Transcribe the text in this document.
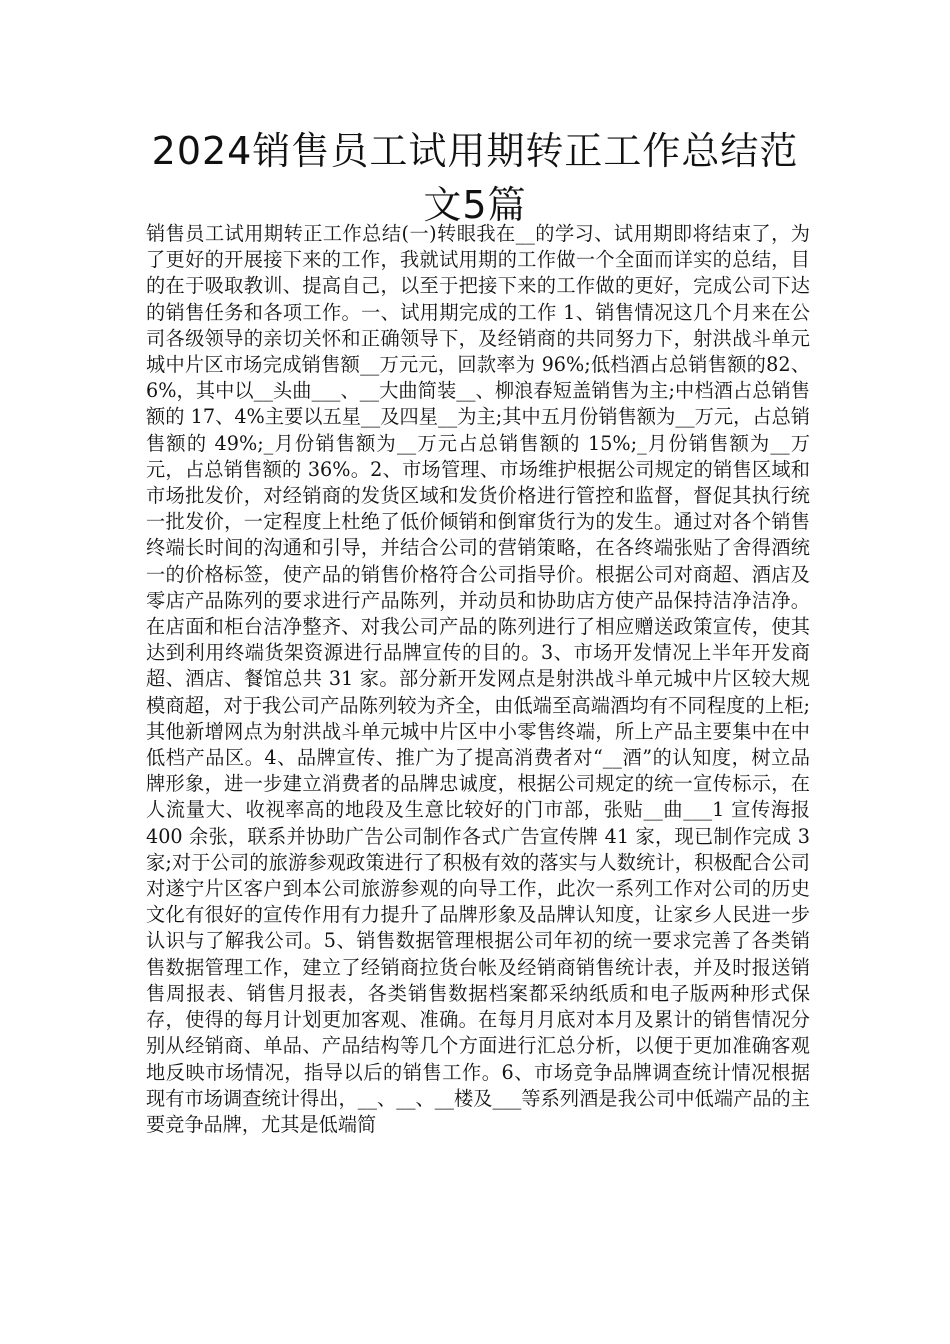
2024销售员工试用期转正工作总结范文5篇

销售员工试用期转正工作总结(一)转眼我在__的学习、试用期即将结束了，为了更好的开展接下来的工作，我就试用期的工作做一个全面而详实的总结，目的在于吸取教训、提高自己，以至于把接下来的工作做的更好，完成公司下达的销售任务和各项工作。一、试用期完成的工作 1、销售情况这几个月来在公司各级领导的亲切关怀和正确领导下，及经销商的共同努力下，射洪战斗单元城中片区市场完成销售额__万元元，回款率为 96%;低档酒占总销售额的82、6%，其中以__头曲___、__大曲简装__、柳浪春短盖销售为主;中档酒占总销售额的 17、4%主要以五星__及四星__为主;其中五月份销售额为__万元，占总销售额的 49%;_月份销售额为__万元占总销售额的 15%;_月份销售额为__万元，占总销售额的 36%。2、市场管理、市场维护根据公司规定的销售区域和市场批发价，对经销商的发货区域和发货价格进行管控和监督，督促其执行统一批发价，一定程度上杜绝了低价倾销和倒窜货行为的发生。通过对各个销售终端长时间的沟通和引导，并结合公司的营销策略，在各终端张贴了舍得酒统一的价格标签，使产品的销售价格符合公司指导价。根据公司对商超、酒店及零店产品陈列的要求进行产品陈列，并动员和协助店方使产品保持洁净洁净。在店面和柜台洁净整齐、对我公司产品的陈列进行了相应赠送政策宣传，使其达到利用终端货架资源进行品牌宣传的目的。3、市场开发情况上半年开发商超、酒店、餐馆总共 31 家。部分新开发网点是射洪战斗单元城中片区较大规模商超，对于我公司产品陈列较为齐全，由低端至高端酒均有不同程度的上柜;其他新增网点为射洪战斗单元城中片区中小零售终端，所上产品主要集中在中低档产品区。4、品牌宣传、推广为了提高消费者对“__酒”的认知度，树立品牌形象，进一步建立消费者的品牌忠诚度，根据公司规定的统一宣传标示，在人流量大、收视率高的地段及生意比较好的门市部，张贴__曲___1 宣传海报 400 余张，联系并协助广告公司制作各式广告宣传牌 41 家，现已制作完成 3 家;对于公司的旅游参观政策进行了积极有效的落实与人数统计，积极配合公司对遂宁片区客户到本公司旅游参观的向导工作，此次一系列工作对公司的历史文化有很好的宣传作用有力提升了品牌形象及品牌认知度，让家乡人民进一步认识与了解我公司。5、销售数据管理根据公司年初的统一要求完善了各类销售数据管理工作，建立了经销商拉货台帐及经销商销售统计表，并及时报送销售周报表、销售月报表，各类销售数据档案都采纳纸质和电子版两种形式保存，使得的每月计划更加客观、准确。在每月月底对本月及累计的销售情况分别从经销商、单品、产品结构等几个方面进行汇总分析，以便于更加准确客观地反映市场情况，指导以后的销售工作。6、市场竞争品牌调查统计情况根据现有市场调查统计得出，__、__、__楼及___等系列酒是我公司中低端产品的主要竞争品牌，尤其是低端简
